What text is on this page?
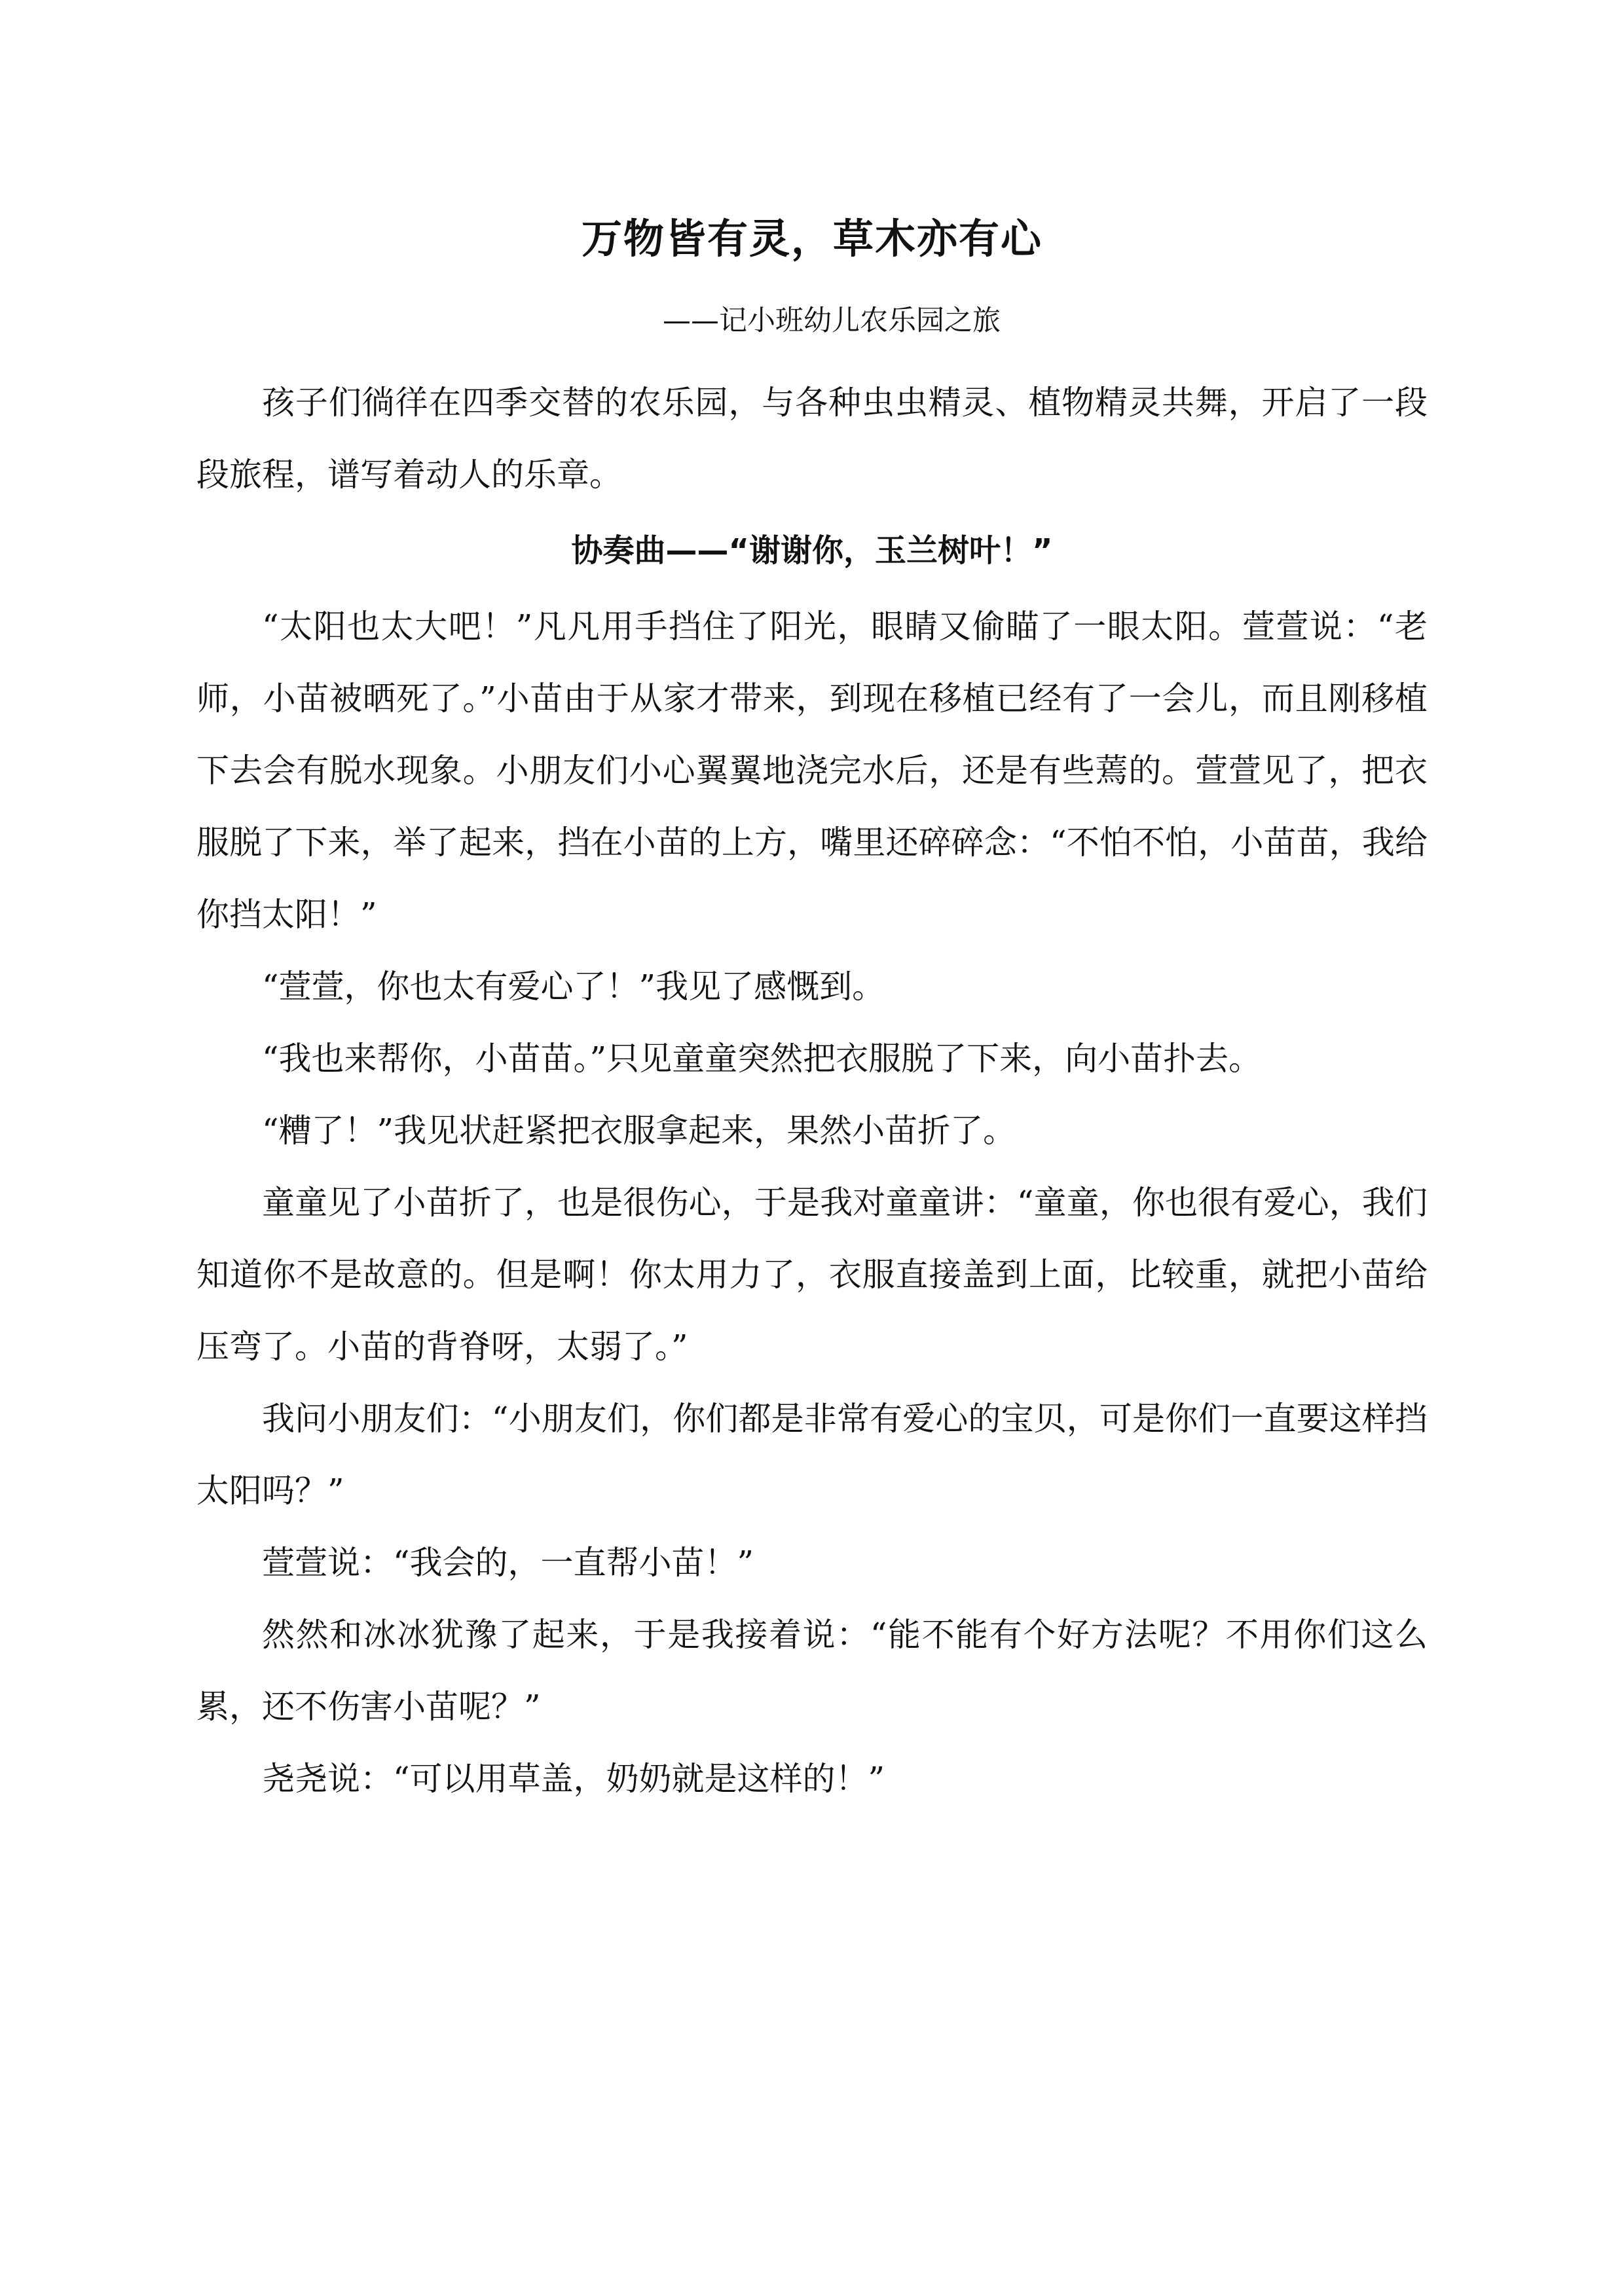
万物皆有灵，草木亦有心
——记小班幼儿农乐园之旅

孩子们徜徉在四季交替的农乐园，与各种虫虫精灵、植物精灵共舞，开启了一段段旅程，谱写着动人的乐章。

协奏曲——“谢谢你，玉兰树叶！”

“太阳也太大吧！”凡凡用手挡住了阳光，眼睛又偷瞄了一眼太阳。萱萱说：“老师，小苗被晒死了。”小苗由于从家才带来，到现在移植已经有了一会儿，而且刚移植下去会有脱水现象。小朋友们小心翼翼地浇完水后，还是有些蔫的。萱萱见了，把衣服脱了下来，举了起来，挡在小苗的上方，嘴里还碎碎念：“不怕不怕，小苗苗，我给你挡太阳！”

“萱萱，你也太有爱心了！”我见了感慨到。

“我也来帮你，小苗苗。”只见童童突然把衣服脱了下来，向小苗扑去。

“糟了！”我见状赶紧把衣服拿起来，果然小苗折了。

童童见了小苗折了，也是很伤心，于是我对童童讲：“童童，你也很有爱心，我们知道你不是故意的。但是啊！你太用力了，衣服直接盖到上面，比较重，就把小苗给压弯了。小苗的背脊呀，太弱了。”

我问小朋友们：“小朋友们，你们都是非常有爱心的宝贝，可是你们一直要这样挡太阳吗？”

萱萱说：“我会的，一直帮小苗！”

然然和冰冰犹豫了起来，于是我接着说：“能不能有个好方法呢？不用你们这么累，还不伤害小苗呢？”

尧尧说：“可以用草盖，奶奶就是这样的！”
